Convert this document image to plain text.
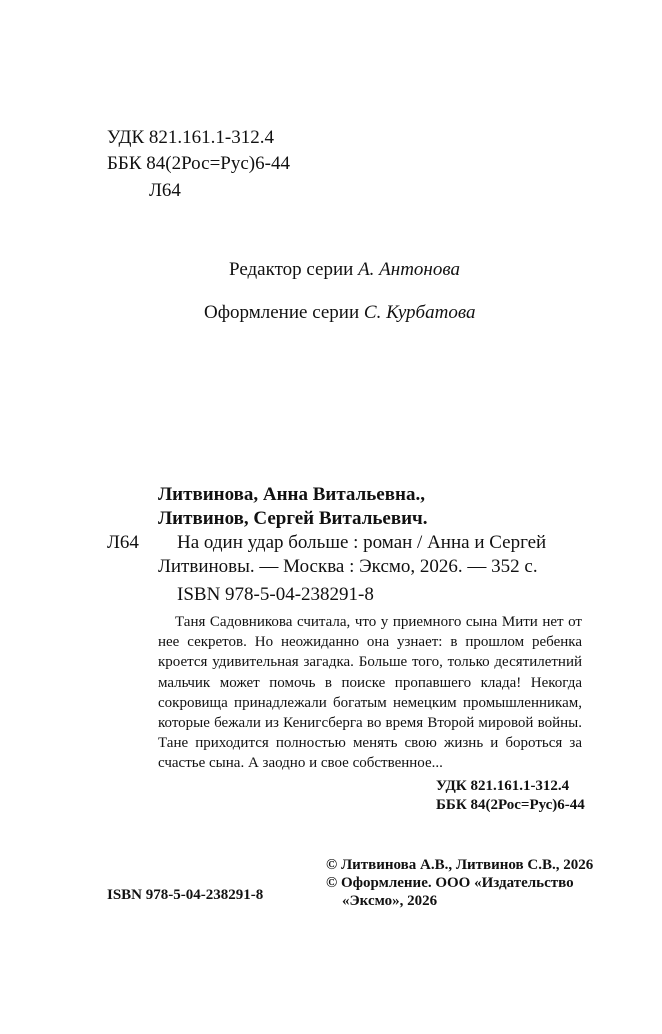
УДК 821.161.1-312.4
ББК 84(2Рос=Рус)6-44
Л64
Редактор серии А. Антонова
Оформление серии С. Курбатова
Литвинова, Анна Витальевна.,
Литвинов, Сергей Витальевич.
Л64 На один удар больше : роман / Анна и Сергей
Литвиновы. — Москва : Эксмо, 2026. — 352 с.
ISBN 978-5-04-238291-8
Таня Садовникова считала, что у приемного сына Мити нет от нее секретов. Но неожиданно она узнает: в прошлом ребенка кроется удивительная загадка. Больше того, только десятилетний мальчик может помочь в поиске пропавшего клада! Некогда сокровища принадлежали богатым немецким промышленникам, которые бежали из Кенигсберга во время Второй мировой войны. Тане приходится полностью менять свою жизнь и бороться за счастье сына. А заодно и свое собственное...
УДК 821.161.1-312.4
ББК 84(2Рос=Рус)6-44
© Литвинова А.В., Литвинов С.В., 2026
© Оформление. ООО «Издательство
«Эксмо», 2026
ISBN 978-5-04-238291-8
